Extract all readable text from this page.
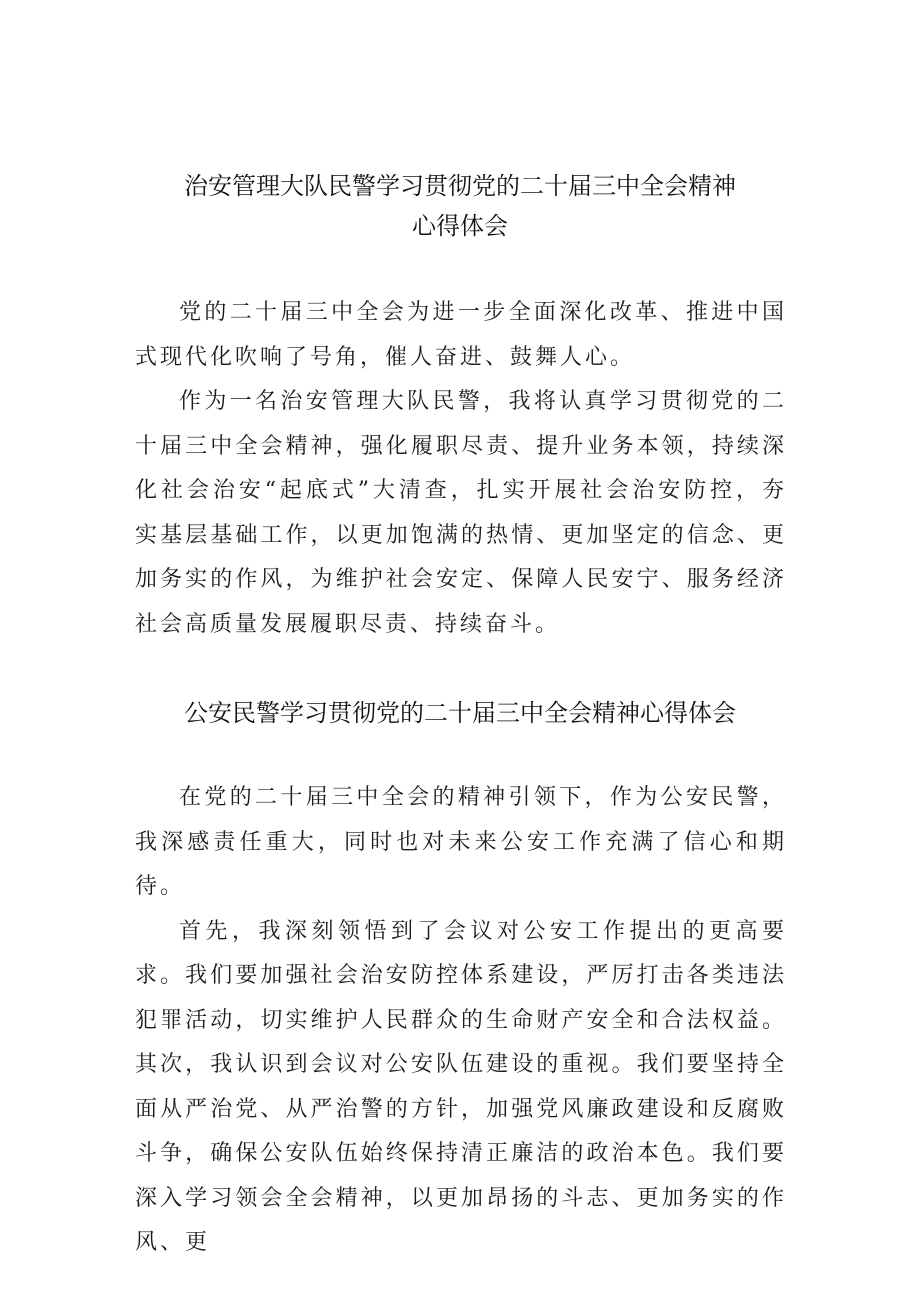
治安管理大队民警学习贯彻党的二十届三中全会精神
心得体会

党的二十届三中全会为进一步全面深化改革、推进中国式现代化吹响了号角，催人奋进、鼓舞人心。

作为一名治安管理大队民警，我将认真学习贯彻党的二十届三中全会精神，强化履职尽责、提升业务本领，持续深化社会治安“起底式”大清查，扎实开展社会治安防控，夯实基层基础工作，以更加饱满的热情、更加坚定的信念、更加务实的作风，为维护社会安定、保障人民安宁、服务经济社会高质量发展履职尽责、持续奋斗。

公安民警学习贯彻党的二十届三中全会精神心得体会

在党的二十届三中全会的精神引领下，作为公安民警，我深感责任重大，同时也对未来公安工作充满了信心和期待。

首先，我深刻领悟到了会议对公安工作提出的更高要求。我们要加强社会治安防控体系建设，严厉打击各类违法犯罪活动，切实维护人民群众的生命财产安全和合法权益。其次，我认识到会议对公安队伍建设的重视。我们要坚持全面从严治党、从严治警的方针，加强党风廉政建设和反腐败斗争，确保公安队伍始终保持清正廉洁的政治本色。我们要深入学习领会全会精神，以更加昂扬的斗志、更加务实的作风、更
